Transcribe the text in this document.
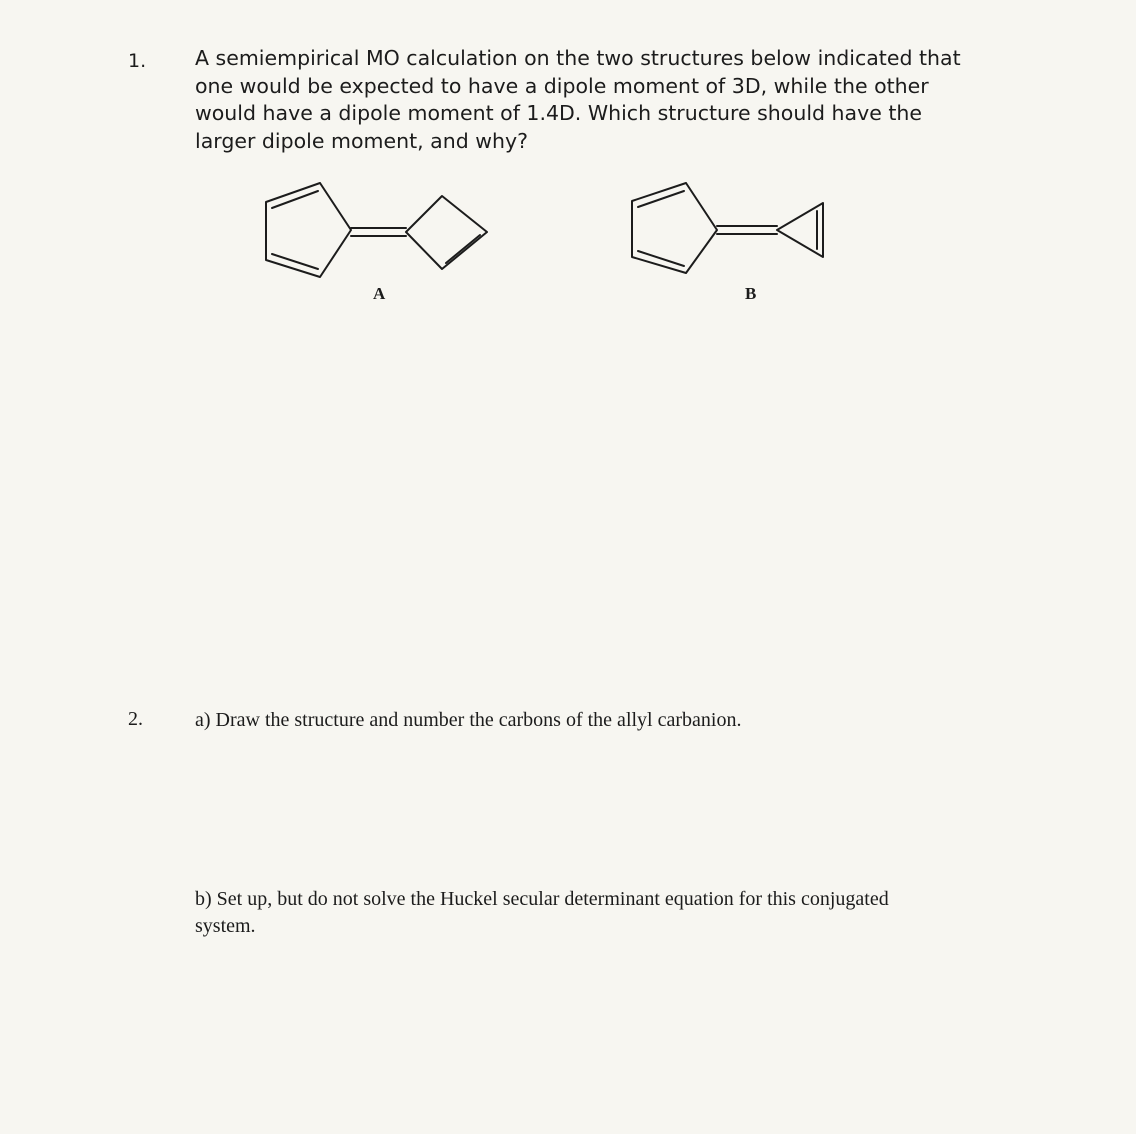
1. A semiempirical MO calculation on the two structures below indicated that
one would be expected to have a dipole moment of 3D, while the other
would have a dipole moment of 1.4D. Which structure should have the
larger dipole moment, and why?
A	B
2.	a) Draw the structure and number the carbons of the allyl carbanion.
b) Set up, but do not solve the Huckel secular determinant equation for this conjugated
system.
